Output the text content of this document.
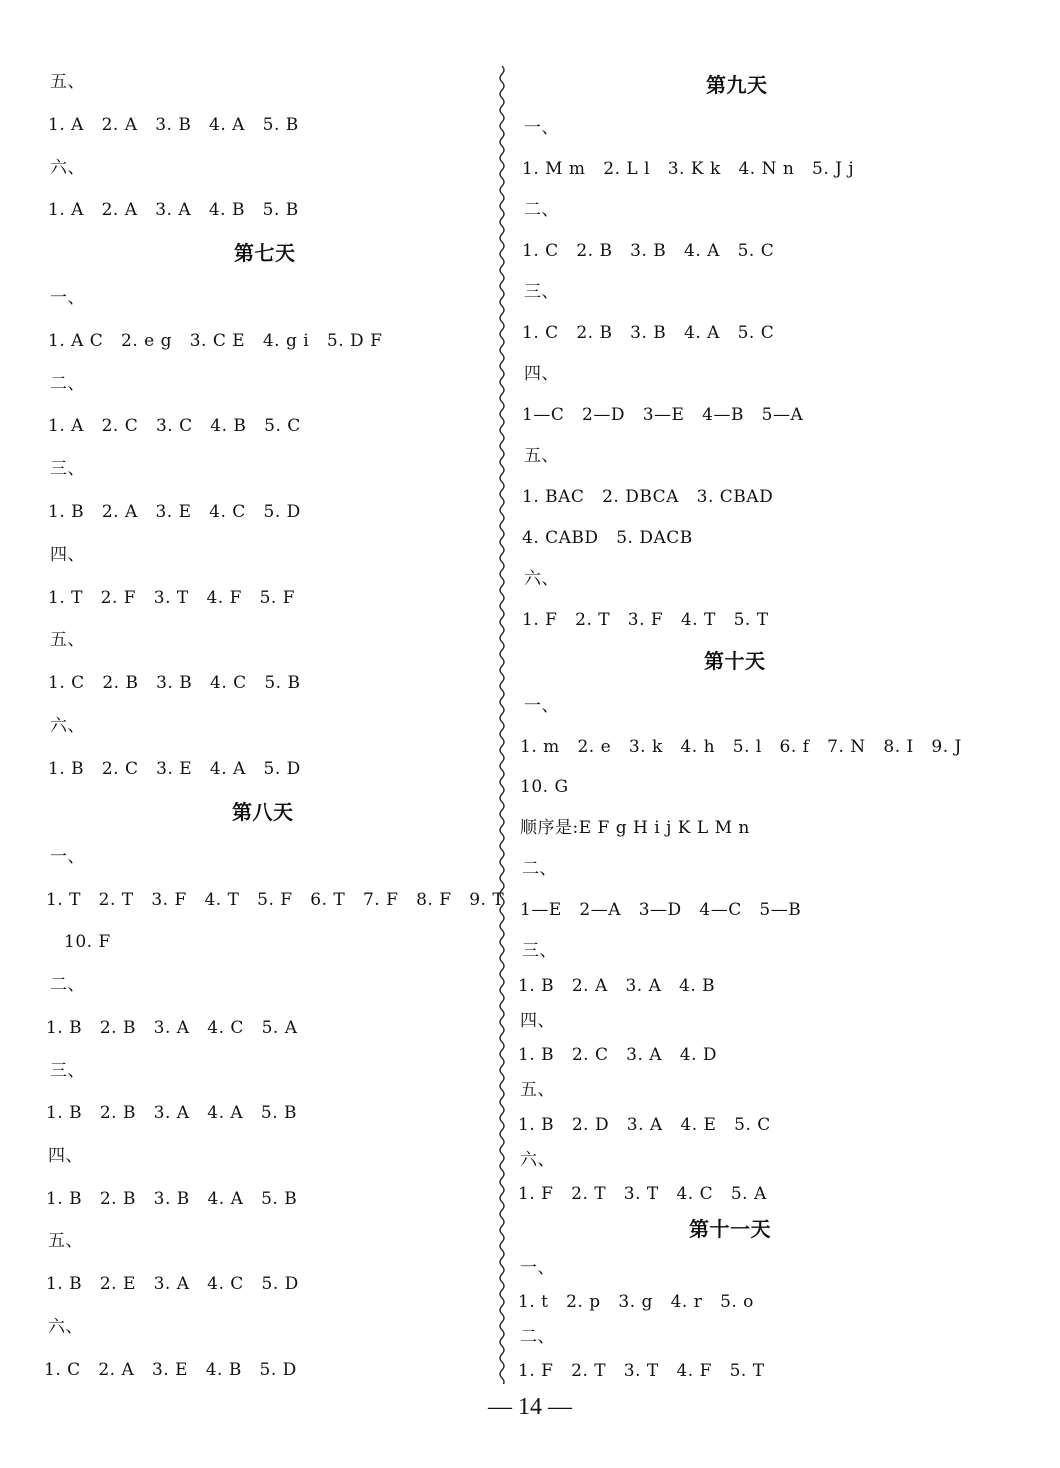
五、
1. A   2. A   3. B   4. A   5. B
六、
1. A   2. A   3. A   4. B   5. B
第七天
一、
1. A C   2. e g   3. C E   4. g i   5. D F
二、
1. A   2. C   3. C   4. B   5. C
三、
1. B   2. A   3. E   4. C   5. D
四、
1. T   2. F   3. T   4. F   5. F
五、
1. C   2. B   3. B   4. C   5. B
六、
1. B   2. C   3. E   4. A   5. D
第八天
一、
1. T   2. T   3. F   4. T   5. F   6. T   7. F   8. F   9. T
10. F
二、
1. B   2. B   3. A   4. C   5. A
三、
1. B   2. B   3. A   4. A   5. B
四、
1. B   2. B   3. B   4. A   5. B
五、
1. B   2. E   3. A   4. C   5. D
六、
1. C   2. A   3. E   4. B   5. D
第九天
一、
1. M m   2. L l   3. K k   4. N n   5. J j
二、
1. C   2. B   3. B   4. A   5. C
三、
1. C   2. B   3. B   4. A   5. C
四、
1—C   2—D   3—E   4—B   5—A
五、
1. BAC   2. DBCA   3. CBAD
4. CABD   5. DACB
六、
1. F   2. T   3. F   4. T   5. T
第十天
一、
1. m   2. e   3. k   4. h   5. l   6. f   7. N   8. I   9. J
10. G
顺序是:E F g H i j K L M n
二、
1—E   2—A   3—D   4—C   5—B
三、
1. B   2. A   3. A   4. B
四、
1. B   2. C   3. A   4. D
五、
1. B   2. D   3. A   4. E   5. C
六、
1. F   2. T   3. T   4. C   5. A
第十一天
一、
1. t   2. p   3. g   4. r   5. o
二、
1. F   2. T   3. T   4. F   5. T
— 14 —
